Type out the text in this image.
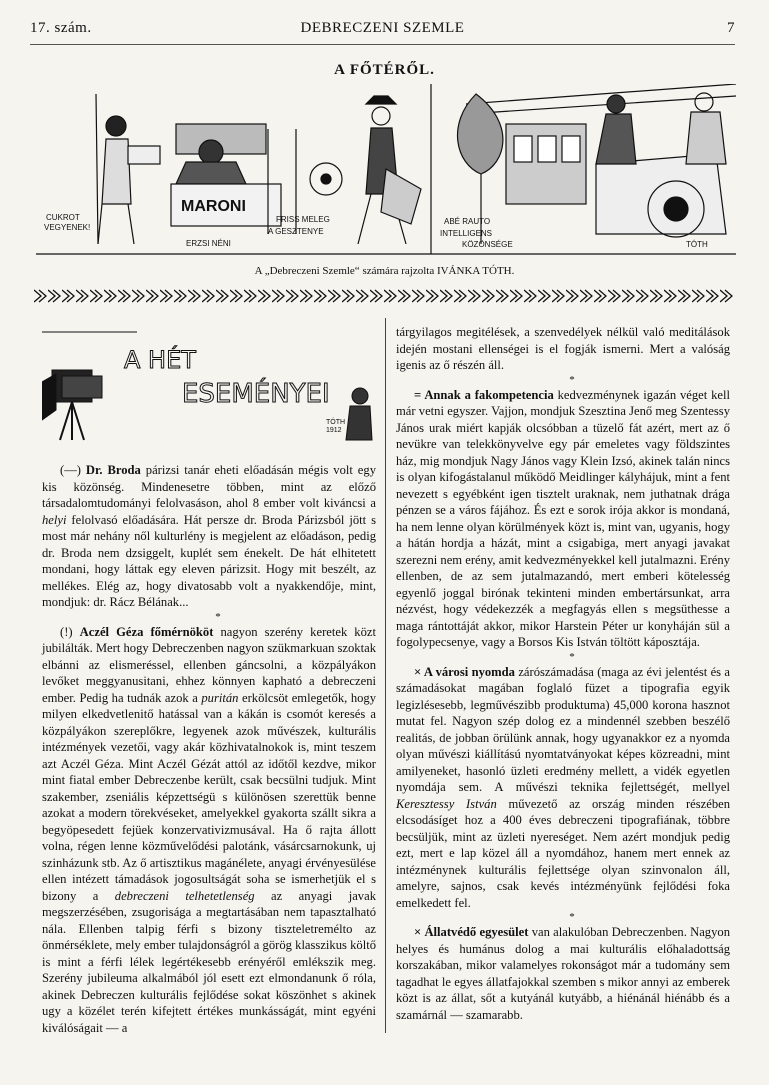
17. szám.	DEBRECZENI SZEMLE	7
A FŐTÉRŐL.
CUKROT
VEGYENEK!
MARONI
ERZSI NÉNI
FRISS MELEG
A GESZTENYE
ABÉ RAUTO
INTELLIGENS
KÖZÖNSÉGE	TÓTH
A „Debreczeni Szemle“ számára rajzolta IVÁNKA TÓTH.
A HÉT
ESEMÉNYEI
TÓTH
1912

(—) Dr. Broda párizsi tanár eheti előadásán mégis volt egy kis közönség. Mindenesetre többen, mint az előző társadalomtudományi felolvasáson, ahol 8 ember volt kiváncsi a helyi felolvasó előadására. Hát persze dr. Broda Párizsból jött s most már nehány nől kulturlény is megjelent az előadáson, pedig dr. Broda nem dzsiggelt, kuplét sem énekelt. De hát elhitetett mondani, hogy láttak egy eleven párizsit. Hogy mit beszélt, az mellékes. Elég az, hogy divatosabb volt a nyakkendője, mint, mondjuk: dr. Rácz Bélának...

*

(!) Aczél Géza főmérnököt nagyon szerény keretek közt jubilálták. Mert hogy Debreczenben nagyon szükmarkuan szoktak elbánni az elismeréssel, ellenben gáncsolni, a közpályákon levőket meggyanusitani, ehhez könnyen kapható a debreczeni ember. Pedig ha tudnák azok a puritán erkölcsöt emlegetők, hogy milyen elkedvetlenitő hatással van a kákán is csomót keresés a közpályákon szereplőkre, legyenek azok művészek, kulturális intézmények vezetői, vagy akár közhivatalnokok is, mint teszem azt Aczél Géza. Mint Aczél Gézát attól az időtől kezdve, mikor mint fiatal ember Debreczenbe került, csak becsülni tudjuk. Mint szakember, zseniális képzettségü s különösen szerettük benne azokat a modern törekvéseket, amelyekkel gyakorta szállt sikra a begyöpesedett fejüek konzervativizmusával. Ha ő rajta állott volna, régen lenne közművelődési palotánk, vásárcsarnokunk, uj szinházunk stb. Az ő artisztikus magánélete, anyagi érvényesülése ellen intézett támadások jogosultságát soha se ismerhetjük el s bizony a debreczeni telhetetlenség az anyagi javak megszerzésében, zsugorisága a megtartásában nem tapasztalható nála. Ellenben talpig férfi s bizony tiszteletremélto az önmérséklete, mely ember tulajdonságról a görög klasszikus költő is mint a férfi lélek legértékesebb erényéről emlékszik meg. Szerény jubileuma alkalmából jól esett ezt elmondanunk ő róla, akinek Debreczen kulturális fejlődése sokat köszönhet s akinek ugy a közélet terén kifejtett értékes munkásságát, mint egyéni kiválóságait — a

tárgyilagos megitélések, a szenvedélyek nélkül való meditálások idején mostani ellenségei is el fogják ismerni. Mert a valóság igenis az ő részén áll.

*

= Annak a fakompetencia kedvezménynek igazán véget kell már vetni egyszer. Vajjon, mondjuk Szesztina Jenő meg Szentessy János urak miért kapják olcsóbban a tüzelő fát azért, mert az ő nevükre van telekkönyvelve egy pár emeletes vagy földszintes ház, mig mondjuk Nagy János vagy Klein Izsó, akinek talán nincs is olyan kifogástalanul működő Meidlinger kályhájuk, mint a fent nevezett s egyébként igen tisztelt uraknak, nem juthatnak drága pénzen se a város fájához. És ezt e sorok irója akkor is mondaná, ha nem lenne olyan körülmények közt is, mint van, ugyanis, hogy a hátán hordja a házát, mint a csigabiga, mert anyagi javakat szerezni nem erény, amit kedvezményekkel kell jutalmazni. Erény ellenben, de az sem jutalmazandó, mert emberi kötelesség egyenlő joggal birónak tekinteni minden embertársunkat, arra nézvést, hogy védekezzék a megfagyás ellen s megsüthesse a maga rántottáját akkor, mikor Harstein Péter ur konyháján sül a fogolypecsenye, vagy a Borsos Kis István töltött káposztája.

*

× A városi nyomda zárószámadása (maga az évi jelentést és a számadásokat magában foglaló füzet a tipografia egyik legizlésesebb, legművészibb produktuma) 45,000 korona hasznot mutat fel. Nagyon szép dolog ez a mindennél szebben beszélő realitás, de jobban örülünk annak, hogy ugyanakkor ez a nyomda olyan művészi kiállítású nyomtatványokat képes közreadni, mint amilyeneket, hasonló üzleti eredmény mellett, a vidék egyetlen nyomdája sem. A művészi teknika fejlettségét, mellyel Keresztessy István művezető az ország minden részében elcsodásíget hoz a 400 éves debreczeni tipografiának, többre becsüljük, mint az üzleti nyereséget. Nem azért mondjuk pedig ezt, mert e lap közel áll a nyomdához, hanem mert ennek az intézménynek kulturális fejlettsége olyan szinvonalon áll, amelyre, sajnos, csak kevés intézményünk fejlődési foka emelkedett fel.

*

× Állatvédő egyesület van alakulóban Debreczenben. Nagyon helyes és humánus dolog a mai kulturális előhaladottság korszakában, mikor valamelyes rokonságot már a tudomány sem tagadhat le egyes állatfajokkal szemben s mikor annyi az emberek közt is az állat, sőt a kutyánál kutyább, a hiénánál hiénább és a szamárnál — szamarabb.
